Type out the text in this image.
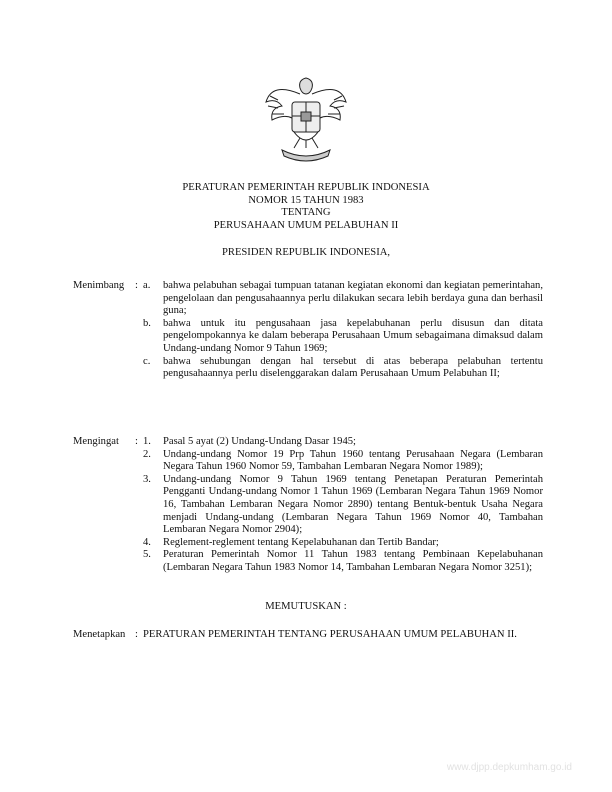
PERATURAN PEMERINTAH REPUBLIK INDONESIA
NOMOR 15 TAHUN 1983
TENTANG
PERUSAHAAN UMUM PELABUHAN II
PRESIDEN REPUBLIK INDONESIA,
Menimbang	: a.	bahwa pelabuhan sebagai tumpuan tatanan kegiatan ekonomi dan kegiatan pemerintahan, pengelolaan dan pengusahaannya perlu dilakukan secara lebih berdaya guna dan berhasil guna;
b.	bahwa untuk itu pengusahaan jasa kepelabuhanan perlu disusun dan ditata pengelompokannya ke dalam beberapa Perusahaan Umum sebagaimana dimaksud dalam Undang-undang Nomor 9 Tahun 1969;
c.	bahwa sehubungan dengan hal tersebut di atas beberapa pelabuhan tertentu pengusahaannya perlu diselenggarakan dalam Perusahaan Umum Pelabuhan II;
Mengingat	: 1.	Pasal 5 ayat (2) Undang-Undang Dasar 1945;
2.	Undang-undang Nomor 19 Prp Tahun 1960 tentang Perusahaan Negara (Lembaran Negara Tahun 1960 Nomor 59, Tambahan Lembaran Negara Nomor 1989);
3.	Undang-undang Nomor 9 Tahun 1969 tentang Penetapan Peraturan Pemerintah Pengganti Undang-undang Nomor 1 Tahun 1969 (Lembaran Negara Tahun 1969 Nomor 16, Tambahan Lembaran Negara Nomor 2890) tentang Bentuk-bentuk Usaha Negara menjadi Undang-undang (Lembaran Negara Tahun 1969 Nomor 40, Tambahan Lembaran Negara Nomor 2904);
4.	Reglement-reglement tentang Kepelabuhanan dan Tertib Bandar;
5.	Peraturan Pemerintah Nomor 11 Tahun 1983 tentang Pembinaan Kepelabuhanan (Lembaran Negara Tahun 1983 Nomor 14, Tambahan Lembaran Negara Nomor 3251);
MEMUTUSKAN :
Menetapkan : PERATURAN PEMERINTAH TENTANG PERUSAHAAN UMUM PELABUHAN II.
www.djpp.depkumham.go.id
